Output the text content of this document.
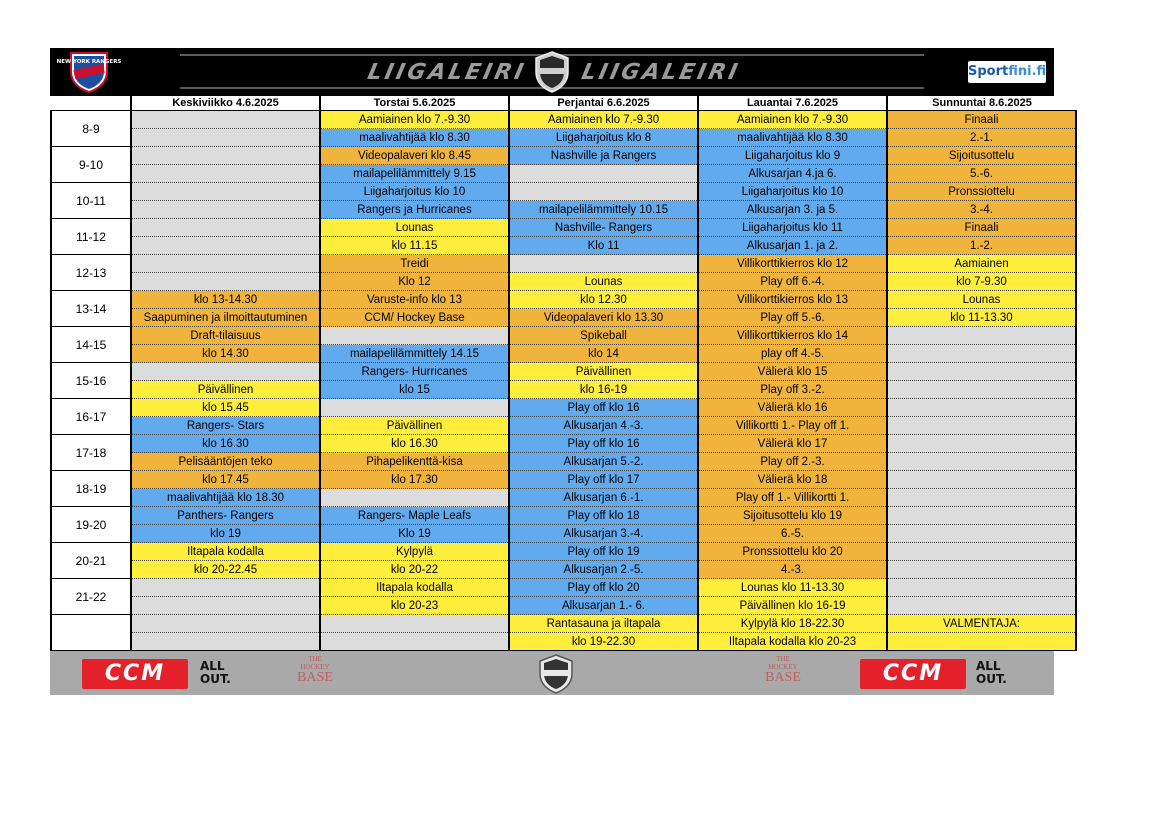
NEW YORK RANGERS	LIIGALEIRI LIIGALEIRI	Sportfini.fi
	Keskiviikko 4.6.2025	Torstai 5.6.2025	Perjantai 6.6.2025	Lauantai 7.6.2025	Sunnuntai 8.6.2025
8-9		Aamiainen klo 7.-9.30	Aamiainen klo 7.-9.30	Aamiainen klo 7.-9.30	Finaali
		maalivahtijää klo 8.30	Liigaharjoitus klo 8	maalivahtijää klo 8.30	2.-1.
9-10		Videopalaveri klo 8.45	Nashville ja Rangers	Liigaharjoitus klo 9	Sijoitusottelu
		mailapelilämmittely 9.15		Alkusarjan 4.ja 6.	5.-6.
10-11		Liigaharjoitus klo 10		Liigaharjoitus klo 10	Pronssiottelu
		Rangers ja Hurricanes	mailapelilämmittely 10.15	Alkusarjan 3. ja 5.	3.-4.
11-12		Lounas	Nashville- Rangers	Liigaharjoitus klo 11	Finaali
		klo 11.15	Klo 11	Alkusarjan 1. ja 2.	1.-2.
12-13		Treidi		Villikorttikierros klo 12	Aamiainen
		Klo 12	Lounas	Play off 6.-4.	klo 7-9.30
13-14	klo 13-14.30	Varuste-info klo 13	klo 12.30	Villikorttikierros klo 13	Lounas
	Saapuminen ja ilmoittautuminen	CCM/ Hockey Base	Videopalaveri klo 13.30	Play off 5.-6.	klo 11-13.30
14-15	Draft-tilaisuus		Spikeball	Villikorttikierros klo 14	
	klo 14.30	mailapelilämmittely 14.15	klo 14	play off 4.-5.	
15-16		Rangers- Hurricanes	Päivällinen	Välierä klo 15	
	Päivällinen	klo 15	klo 16-19	Play off 3.-2.	
16-17	klo 15.45		Play off klo 16	Välierä klo 16	
	Rangers- Stars	Päivällinen	Alkusarjan 4.-3.	Villikortti 1.- Play off 1.	
17-18	klo 16.30	klo 16.30	Play off klo 16	Välierä klo 17	
	Pelisääntöjen teko	Pihapelikenttä-kisa	Alkusarjan 5.-2.	Play off 2.-3.	
18-19	klo 17.45	klo 17.30	Play off klo 17	Välierä klo 18	
	maalivahtijää klo 18.30		Alkusarjan 6.-1.	Play off 1.- Villikortti 1.	
19-20	Panthers- Rangers	Rangers- Maple Leafs	Play off klo 18	Sijoitusottelu klo 19	
	klo 19	Klo 19	Alkusarjan 3.-4.	6.-5.	
20-21	Iltapala kodalla	Kylpylä	Play off klo 19	Pronssiottelu klo 20	
	klo 20-22.45	klo 20-22	Alkusarjan 2.-5.	4.-3.	
21-22		Iltapala kodalla	Play off klo 20	Lounas klo 11-13.30	
		klo 20-23	Alkusarjan 1.- 6.	Päivällinen klo 16-19	
			Rantasauna ja iltapala	Kylpylä klo 18-22.30	VALMENTAJA:
			klo 19-22.30	Iltapala kodalla klo 20-23	
CCM	ALL
OUT.
THE
HOCKEY
BASE
THE
HOCKEY
BASE	CCM	ALL
OUT.
